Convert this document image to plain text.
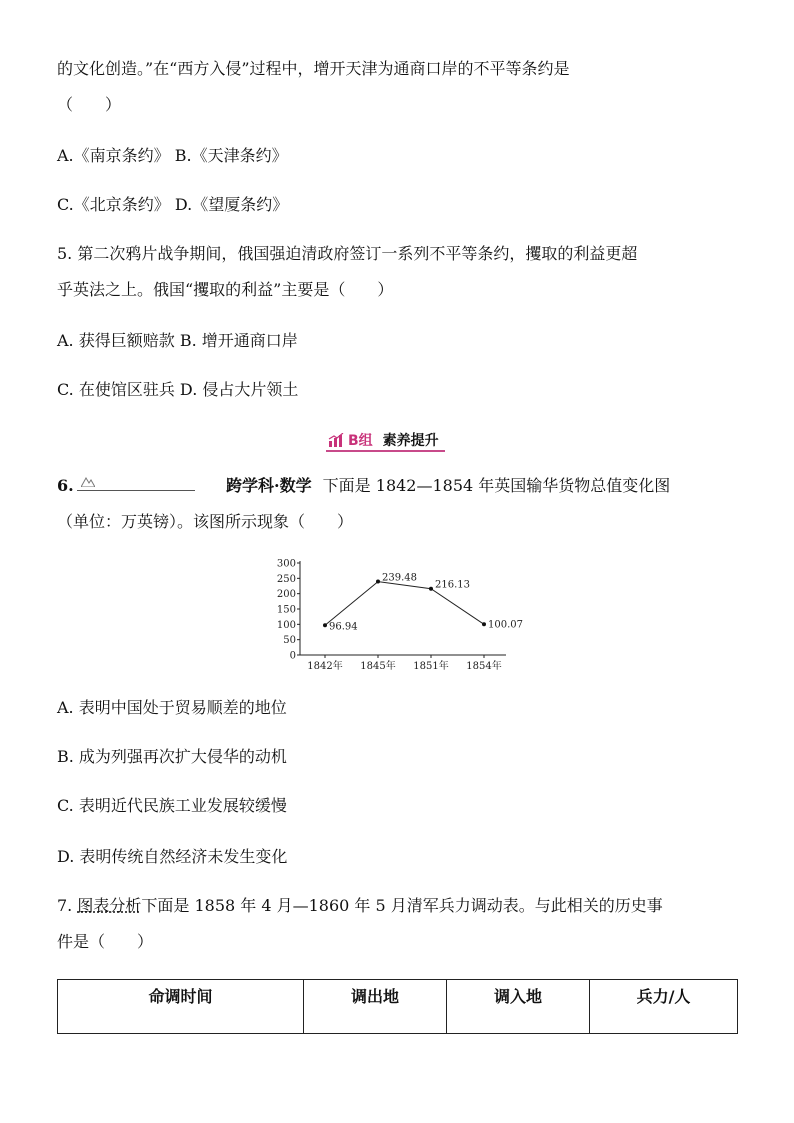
的文化创造。”在“西方入侵”过程中，增开天津为通商口岸的不平等条约是
（　　）
A.《南京条约》 B.《天津条约》
C.《北京条约》 D.《望厦条约》
5. 第二次鸦片战争期间，俄国强迫清政府签订一系列不平等条约，攫取的利益更超
乎英法之上。俄国“攫取的利益”主要是（　　）
A. 获得巨额赔款 B. 增开通商口岸
C. 在使馆区驻兵 D. 侵占大片领土
B组 素养提升
6.	跨学科·数学 下面是 1842—1854 年英国输华货物总值变化图
（单位：万英镑）。该图所示现象（　　）
0
50
100
150
200
250
300
1842年 1845年 1851年 1854年
96.94
239.48
216.13
100.07
A. 表明中国处于贸易顺差的地位
B. 成为列强再次扩大侵华的动机
C. 表明近代民族工业发展较缓慢
D. 表明传统自然经济未发生变化
7. 图表分析下面是 1858 年 4 月—1860 年 5 月清军兵力调动表。与此相关的历史事
件是（　　）
命调时间	调出地	调入地	兵力/人
